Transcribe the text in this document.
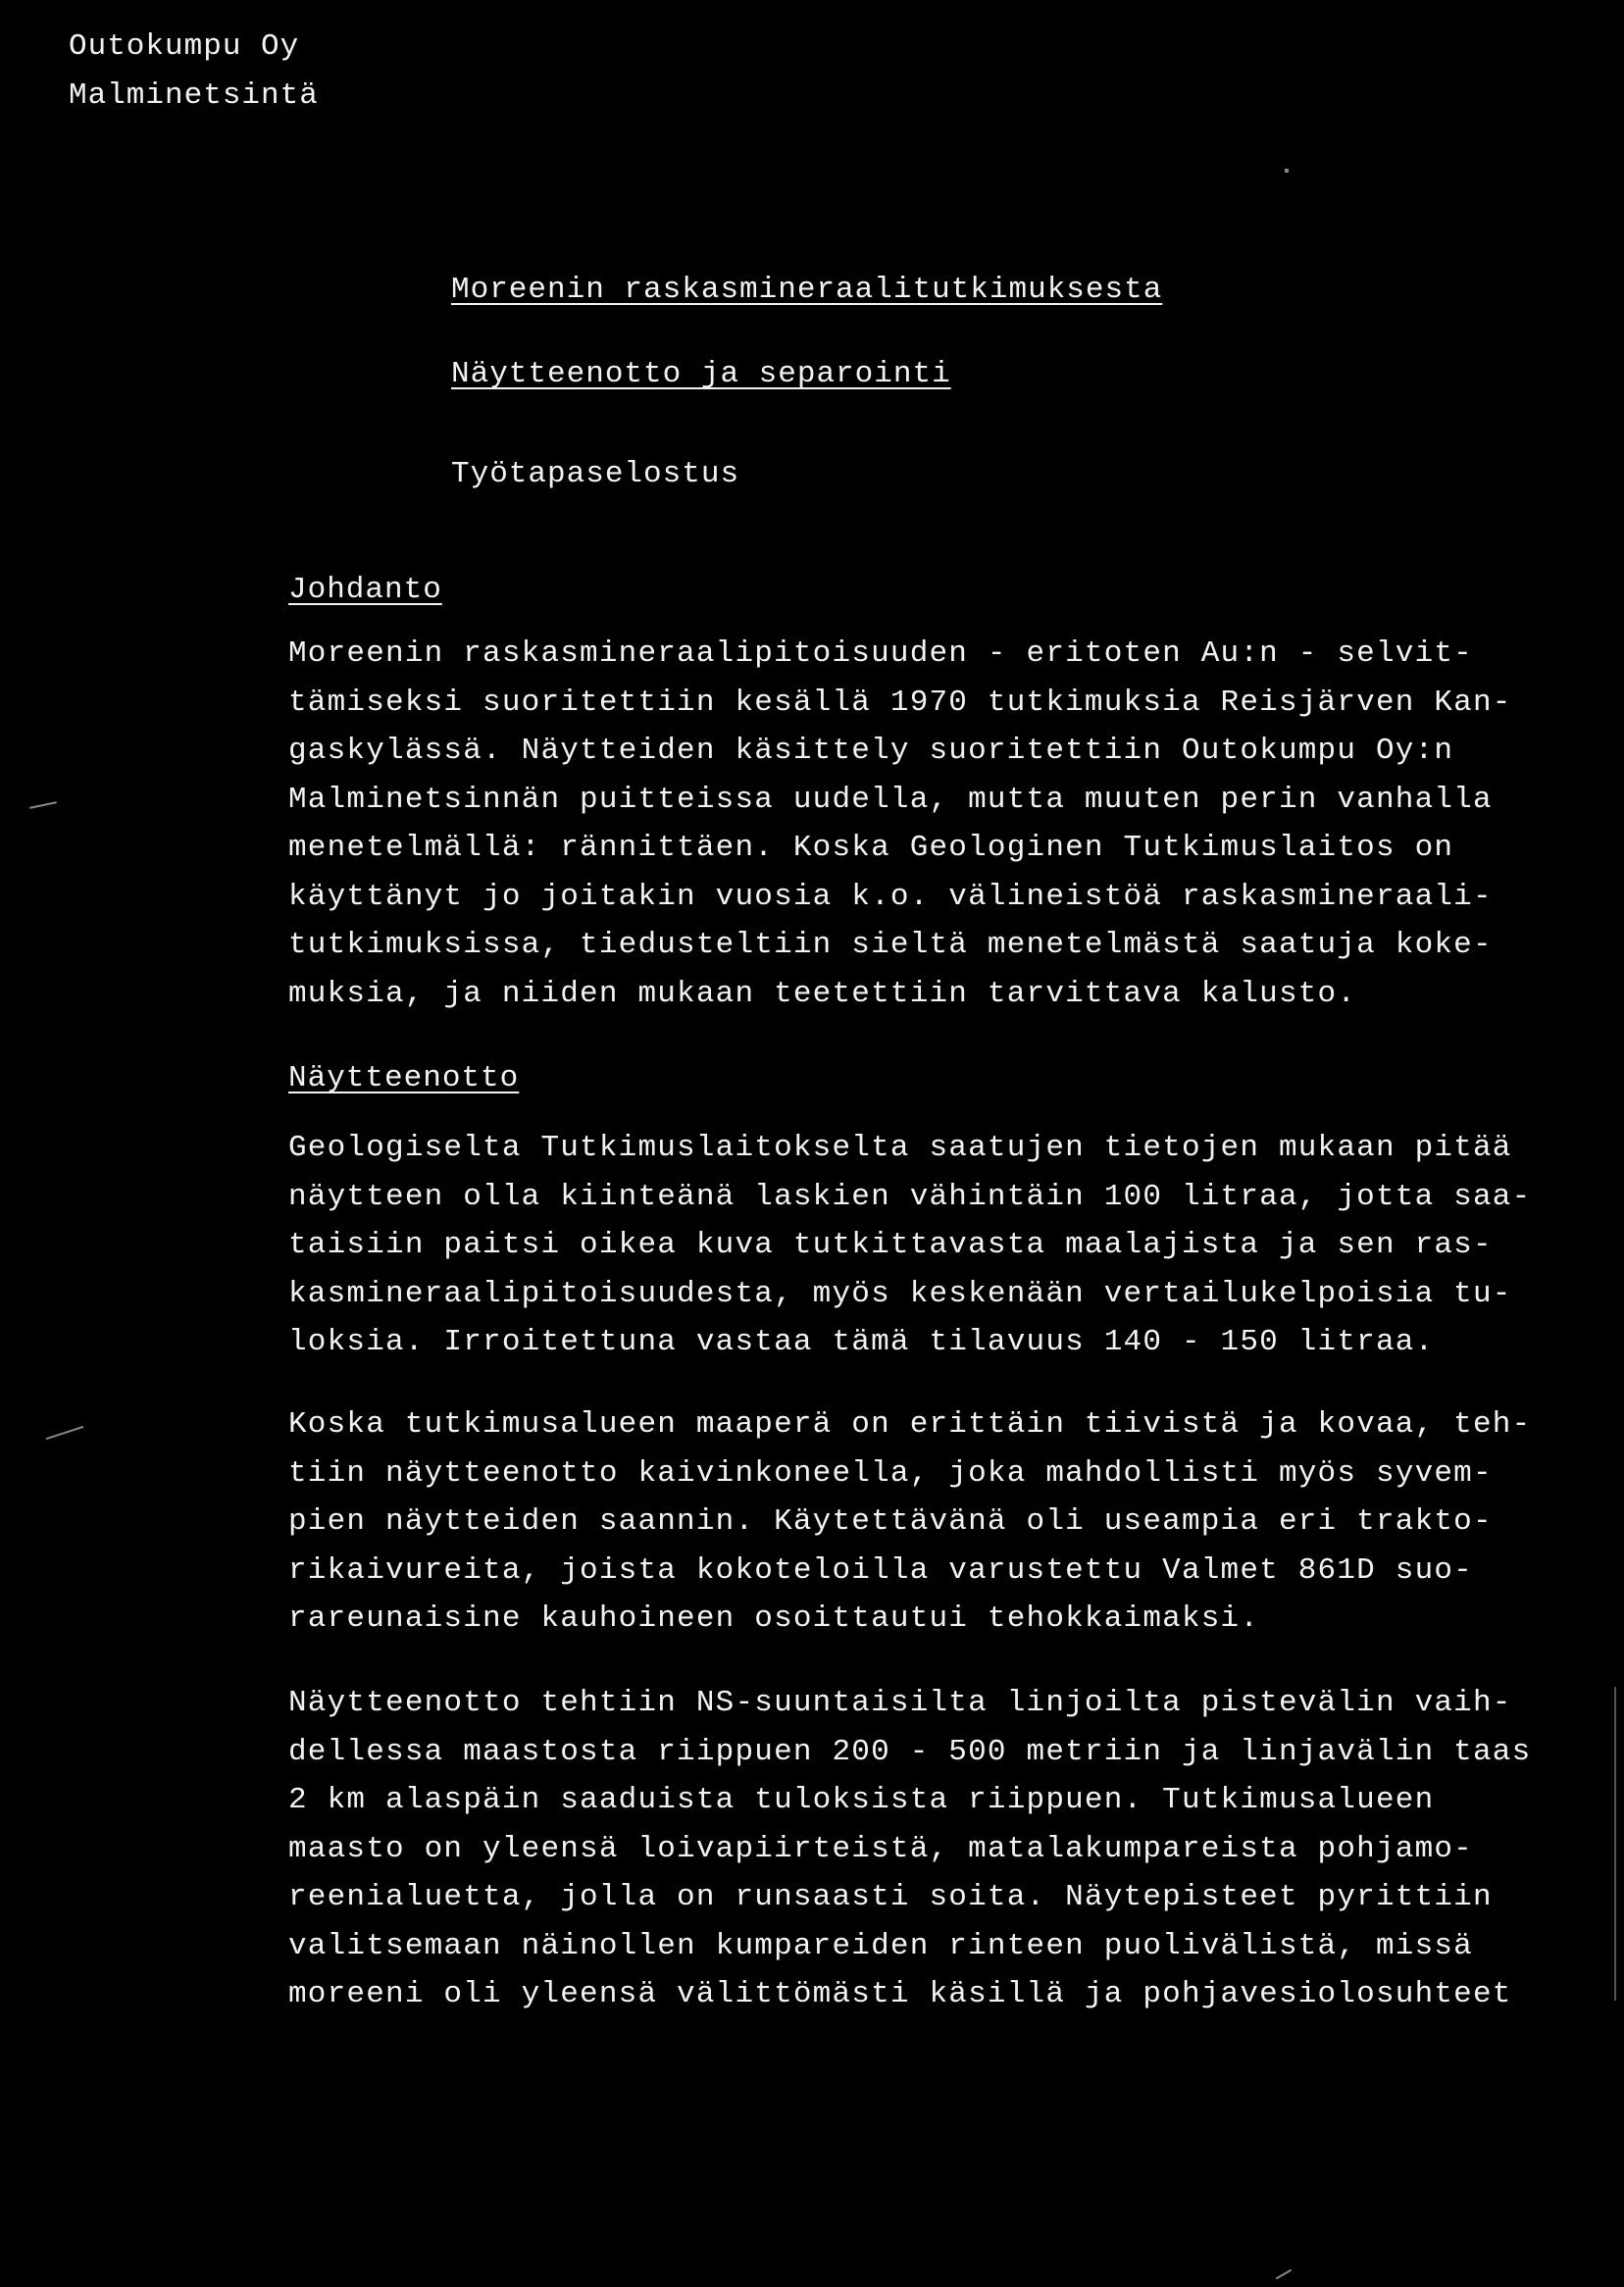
Outokumpu Oy
Malminetsintä
Moreenin raskasmineraalitutkimuksesta
Näytteenotto ja separointi
Työtapaselostus
Johdanto
Moreenin raskasmineraalipitoisuuden - eritoten Au:n - selvit-
tämiseksi suoritettiin kesällä 1970 tutkimuksia Reisjärven Kan-
gaskylässä. Näytteiden käsittely suoritettiin Outokumpu Oy:n
Malminetsinnän puitteissa uudella, mutta muuten perin vanhalla
menetelmällä: rännittäen. Koska Geologinen Tutkimuslaitos on
käyttänyt jo joitakin vuosia k.o. välineistöä raskasmineraali-
tutkimuksissa, tiedusteltiin sieltä menetelmästä saatuja koke-
muksia, ja niiden mukaan teetettiin tarvittava kalusto.
Näytteenotto
Geologiselta Tutkimuslaitokselta saatujen tietojen mukaan pitää
näytteen olla kiinteänä laskien vähintäin 100 litraa, jotta saa-
taisiin paitsi oikea kuva tutkittavasta maalajista ja sen ras-
kasmineraalipitoisuudesta, myös keskenään vertailukelpoisia tu-
loksia. Irroitettuna vastaa tämä tilavuus 140 - 150 litraa.
Koska tutkimusalueen maaperä on erittäin tiivistä ja kovaa, teh-
tiin näytteenotto kaivinkoneella, joka mahdollisti myös syvem-
pien näytteiden saannin. Käytettävänä oli useampia eri trakto-
rikaivureita, joista kokoteloilla varustettu Valmet 861D suo-
rareunaisine kauhoineen osoittautui tehokkaimaksi.
Näytteenotto tehtiin NS-suuntaisilta linjoilta pistevälin vaih-
dellessa maastosta riippuen 200 - 500 metriin ja linjavälin taas
2 km alaspäin saaduista tuloksista riippuen. Tutkimusalueen
maasto on yleensä loivapiirteistä, matalakumpareista pohjamo-
reenialuetta, jolla on runsaasti soita. Näytepisteet pyrittiin
valitsemaan näinollen kumpareiden rinteen puolivälistä, missä
moreeni oli yleensä välittömästi käsillä ja pohjavesiolosuhteet
